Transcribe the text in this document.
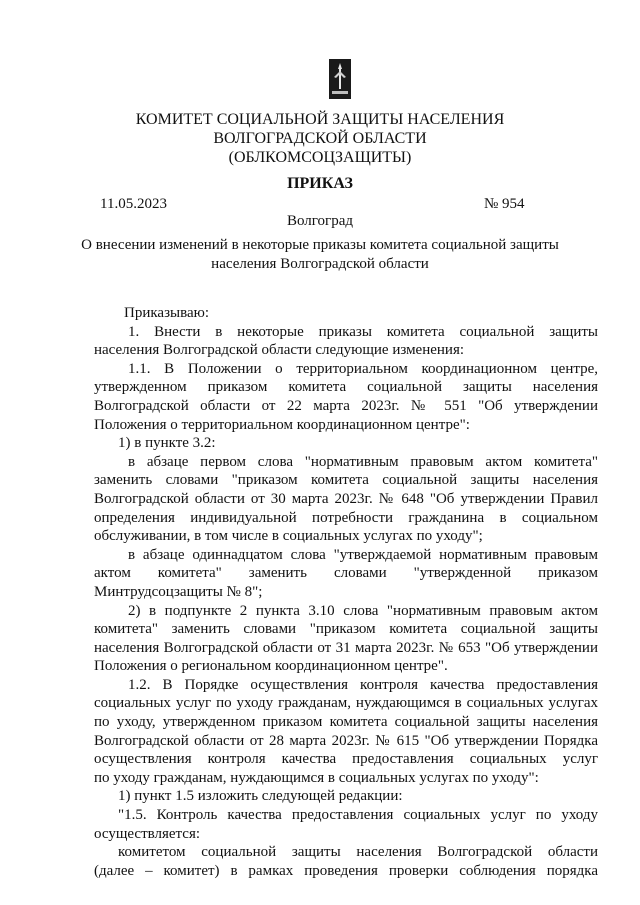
КОМИТЕТ СОЦИАЛЬНОЙ ЗАЩИТЫ НАСЕЛЕНИЯ
ВОЛГОГРАДСКОЙ ОБЛАСТИ
(ОБЛКОМСОЦЗАЩИТЫ)
ПРИКАЗ
11.05.2023	№ 954
Волгоград
О внесении изменений в некоторые приказы комитета социальной защиты
населения Волгоградской области
Приказываю:
1. Внести в некоторые приказы комитета социальной защиты
населения Волгоградской области следующие изменения:
1.1. В Положении о территориальном координационном центре,
утвержденном приказом комитета социальной защиты населения
Волгоградской области от 22 марта 2023г. № 551 "Об утверждении
Положения о территориальном координационном центре":
1) в пункте 3.2:
в абзаце первом слова "нормативным правовым актом комитета"
заменить словами "приказом комитета социальной защиты населения
Волгоградской области от 30 марта 2023г. № 648 "Об утверждении Правил
определения индивидуальной потребности гражданина в социальном
обслуживании, в том числе в социальных услугах по уходу";
в абзаце одиннадцатом слова "утверждаемой нормативным правовым
актом комитета" заменить словами "утвержденной приказом
Минтрудсоцзащиты № 8";
2) в подпункте 2 пункта 3.10 слова "нормативным правовым актом
комитета" заменить словами "приказом комитета социальной защиты
населения Волгоградской области от 31 марта 2023г. № 653 "Об утверждении
Положения о региональном координационном центре".
1.2. В Порядке осуществления контроля качества предоставления
социальных услуг по уходу гражданам, нуждающимся в социальных услугах
по уходу, утвержденном приказом комитета социальной защиты населения
Волгоградской области от 28 марта 2023г. № 615 "Об утверждении Порядка
осуществления контроля качества предоставления социальных услуг
по уходу гражданам, нуждающимся в социальных услугах по уходу":
1) пункт 1.5 изложить следующей редакции:
"1.5. Контроль качества предоставления социальных услуг по уходу
осуществляется:
комитетом социальной защиты населения Волгоградской области
(далее – комитет) в рамках проведения проверки соблюдения порядка
